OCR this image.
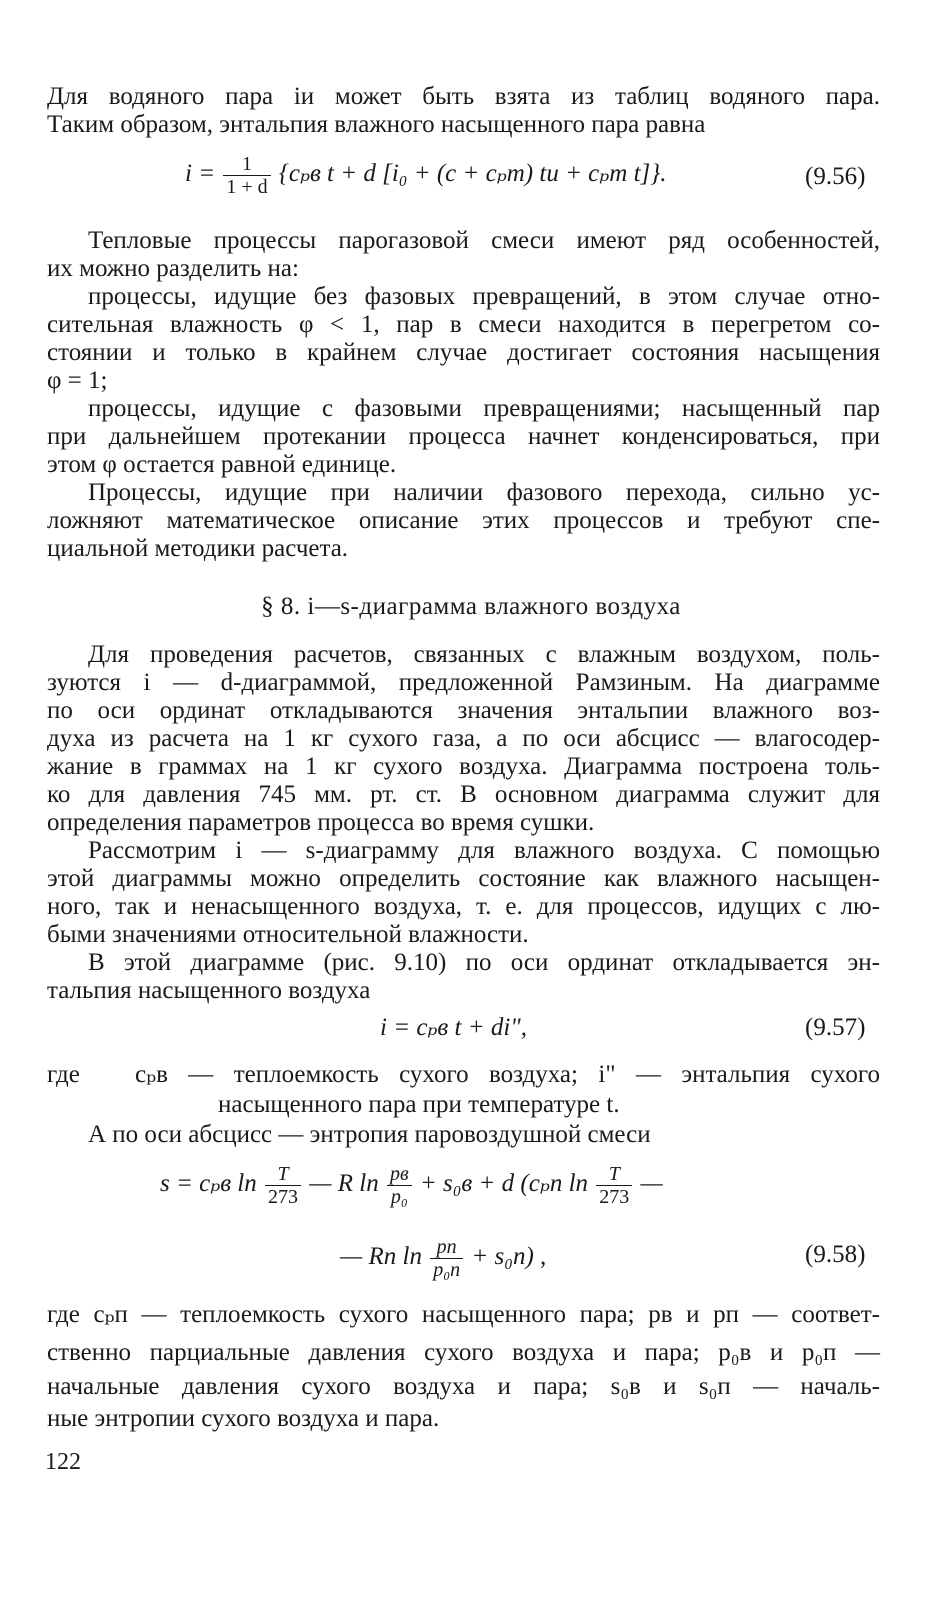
Для водяного пара iи может быть взята из таблиц водяного пара.
Таким образом, энтальпия влажного насыщенного пара равна
$i = \frac{1}{1 + d} \{c_pв$ t + d [i₀ + (c + cₚm) tи + cₚm t]}.	(9.56)
Тепловые процессы парогазовой смеси имеют ряд особенностей,
их можно разделить на:
процессы, идущие без фазовых превращений, в этом случае отно-
сительная влажность φ < 1, пар в смеси находится в перегретом со-
стоянии и только в крайнем случае достигает состояния насыщения
φ = 1;
процессы, идущие с фазовыми превращениями; насыщенный пар
при дальнейшем протекании процесса начнет конденсироваться, при
этом φ остается равной единице.
Процессы, идущие при наличии фазового перехода, сильно ус-
ложняют математическое описание этих процессов и требуют спе-
циальной методики расчета.
§ 8. i—s-диаграмма влажного воздуха
Для проведения расчетов, связанных с влажным воздухом, поль-
зуются i — d-диаграммой, предложенной Рамзиным. На диаграмме
по оси ординат откладываются значения энтальпии влажного воз-
духа из расчета на 1 кг сухого газа, а по оси абсцисс — влагосодер-
жание в граммах на 1 кг сухого воздуха. Диаграмма построена толь-
ко для давления 745 мм. рт. ст. В основном диаграмма служит для
определения параметров процесса во время сушки.
Рассмотрим i — s-диаграмму для влажного воздуха. С помощью
этой диаграммы можно определить состояние как влажного насыщен-
ного, так и ненасыщенного воздуха, т. е. для процессов, идущих с лю-
быми значениями относительной влажности.
В этой диаграмме (рис. 9.10) по оси ординат откладывается эн-
тальпия насыщенного воздуха
i = cₚв t + di",	(9.57)
где cₚв — теплоемкость сухого воздуха; i" — энтальпия сухого
насыщенного пара при температуре t.
А по оси абсцисс — энтропия паровоздушной смеси
s = cₚв $\ln \frac{T}{273}$ — R $\ln \frac{pв}{\text{p₀}} + s_0в + d$ (cₚп $\ln \frac{T}{273}$ —
— Rп $\ln \frac{pп}{\text{p₀п}} + s_0п$) ,	(9.58)
где cₚп — теплоемкость сухого насыщенного пара; pв и pп — соответ-
ственно парциальные давления сухого воздуха и пара; p₀в и p₀п —
начальные давления сухого воздуха и пара; s₀в и s₀п — началь-
ные энтропии сухого воздуха и пара.
122
